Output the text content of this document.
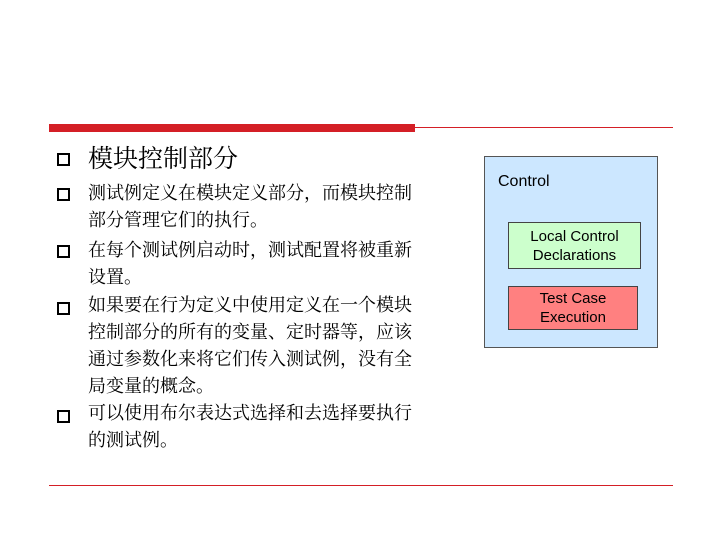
模块控制部分
测试例定义在模块定义部分，而模块控制
部分管理它们的执行。
在每个测试例启动时，测试配置将被重新
设置。
如果要在行为定义中使用定义在一个模块
控制部分的所有的变量、定时器等，应该
通过参数化来将它们传入测试例，没有全
局变量的概念。
可以使用布尔表达式选择和去选择要执行
的测试例。
Control
Local Control
Declarations
Test Case
Execution
